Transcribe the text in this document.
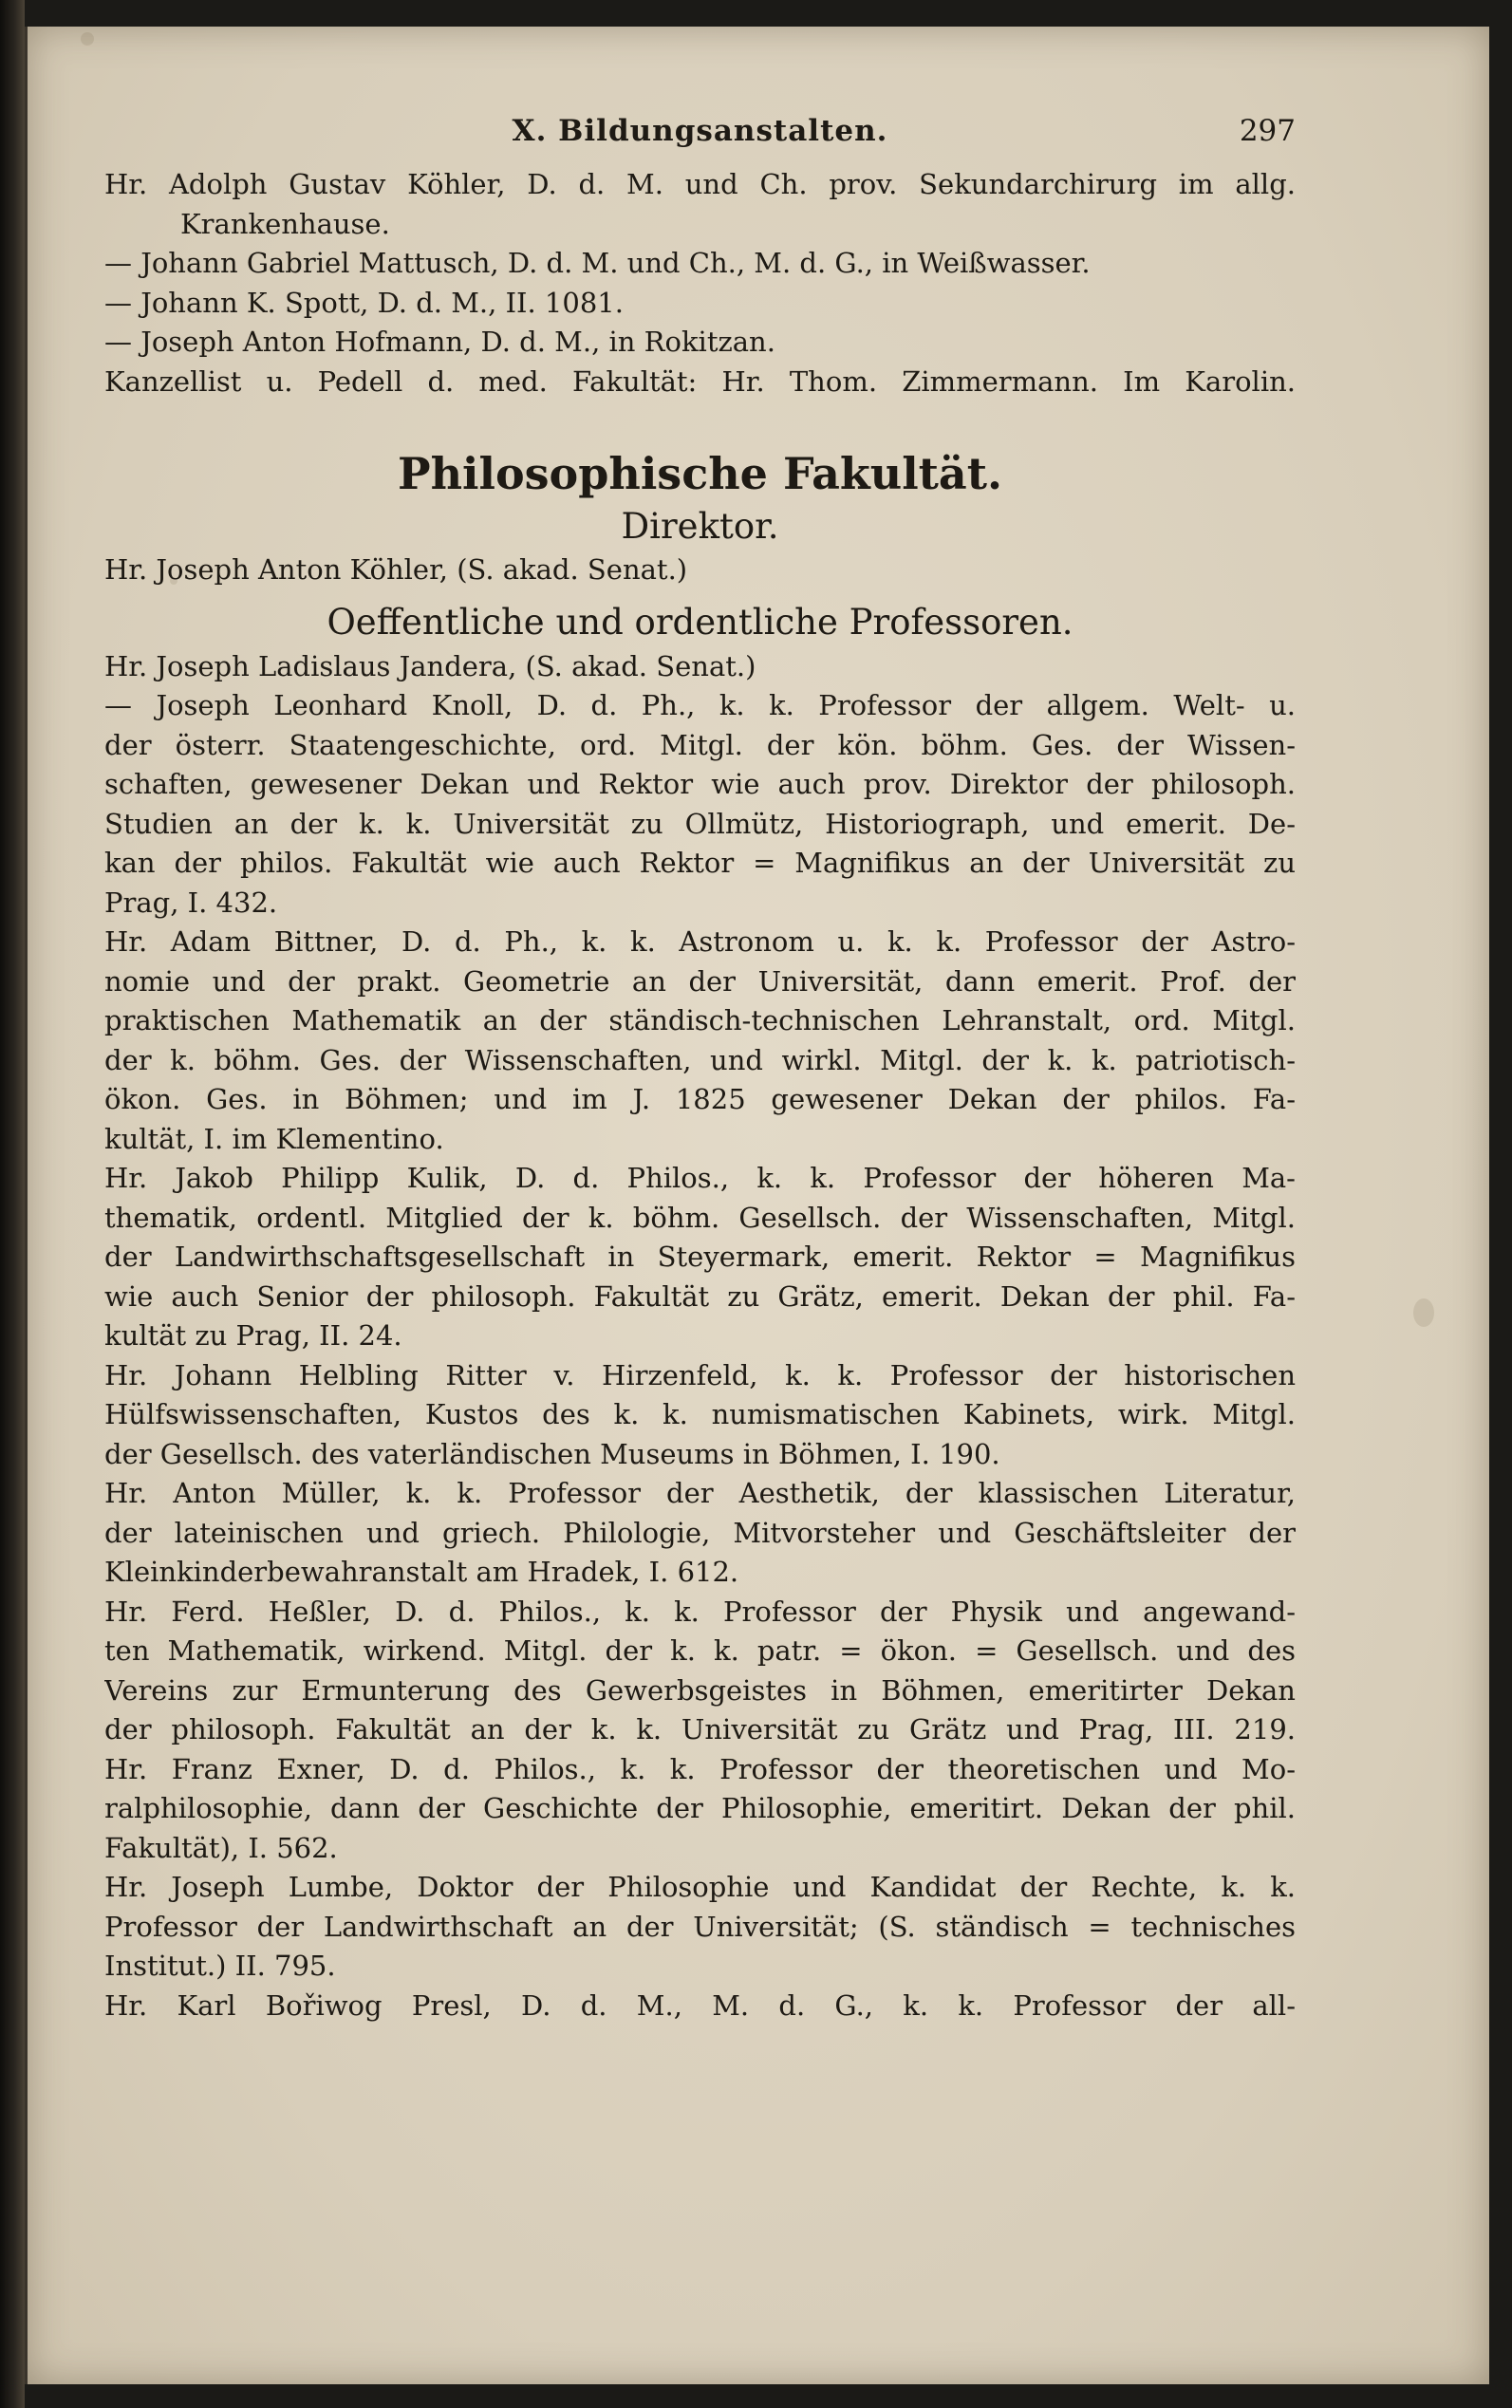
X. Bildungsanstalten.	297
Hr. Adolph Gustav Köhler, D. d. M. und Ch. prov. Sekundarchirurg im allg.
Krankenhause.
— Johann Gabriel Mattusch, D. d. M. und Ch., M. d. G., in Weißwasser.
— Johann K. Spott, D. d. M., II. 1081.
— Joseph Anton Hofmann, D. d. M., in Rokitzan.
Kanzellist u. Pedell d. med. Fakultät: Hr. Thom. Zimmermann. Im Karolin.
Philosophische Fakultät.
Direktor.
Hr. Joseph Anton Köhler, (S. akad. Senat.)
Oeffentliche und ordentliche Professoren.
Hr. Joseph Ladislaus Jandera, (S. akad. Senat.)
— Joseph Leonhard Knoll, D. d. Ph., k. k. Professor der allgem. Welt- u.
der österr. Staatengeschichte, ord. Mitgl. der kön. böhm. Ges. der Wissen-
schaften, gewesener Dekan und Rektor wie auch prov. Direktor der philosoph.
Studien an der k. k. Universität zu Ollmütz, Historiograph, und emerit. De-
kan der philos. Fakultät wie auch Rektor = Magnifikus an der Universität zu
Prag, I. 432.
Hr. Adam Bittner, D. d. Ph., k. k. Astronom u. k. k. Professor der Astro-
nomie und der prakt. Geometrie an der Universität, dann emerit. Prof. der
praktischen Mathematik an der ständisch-technischen Lehranstalt, ord. Mitgl.
der k. böhm. Ges. der Wissenschaften, und wirkl. Mitgl. der k. k. patriotisch-
ökon. Ges. in Böhmen; und im J. 1825 gewesener Dekan der philos. Fa-
kultät, I. im Klementino.
Hr. Jakob Philipp Kulik, D. d. Philos., k. k. Professor der höheren Ma-
thematik, ordentl. Mitglied der k. böhm. Gesellsch. der Wissenschaften, Mitgl.
der Landwirthschaftsgesellschaft in Steyermark, emerit. Rektor = Magnifikus
wie auch Senior der philosoph. Fakultät zu Grätz, emerit. Dekan der phil. Fa-
kultät zu Prag, II. 24.
Hr. Johann Helbling Ritter v. Hirzenfeld, k. k. Professor der historischen
Hülfswissenschaften, Kustos des k. k. numismatischen Kabinets, wirk. Mitgl.
der Gesellsch. des vaterländischen Museums in Böhmen, I. 190.
Hr. Anton Müller, k. k. Professor der Aesthetik, der klassischen Literatur,
der lateinischen und griech. Philologie, Mitvorsteher und Geschäftsleiter der
Kleinkinderbewahranstalt am Hradek, I. 612.
Hr. Ferd. Heßler, D. d. Philos., k. k. Professor der Physik und angewand-
ten Mathematik, wirkend. Mitgl. der k. k. patr. = ökon. = Gesellsch. und des
Vereins zur Ermunterung des Gewerbsgeistes in Böhmen, emeritirter Dekan
der philosoph. Fakultät an der k. k. Universität zu Grätz und Prag, III. 219.
Hr. Franz Exner, D. d. Philos., k. k. Professor der theoretischen und Mo-
ralphilosophie, dann der Geschichte der Philosophie, emeritirt. Dekan der phil.
Fakultät), I. 562.
Hr. Joseph Lumbe, Doktor der Philosophie und Kandidat der Rechte, k. k.
Professor der Landwirthschaft an der Universität; (S. ständisch = technisches
Institut.) II. 795.
Hr. Karl Bořiwog Presl, D. d. M., M. d. G., k. k. Professor der all-
